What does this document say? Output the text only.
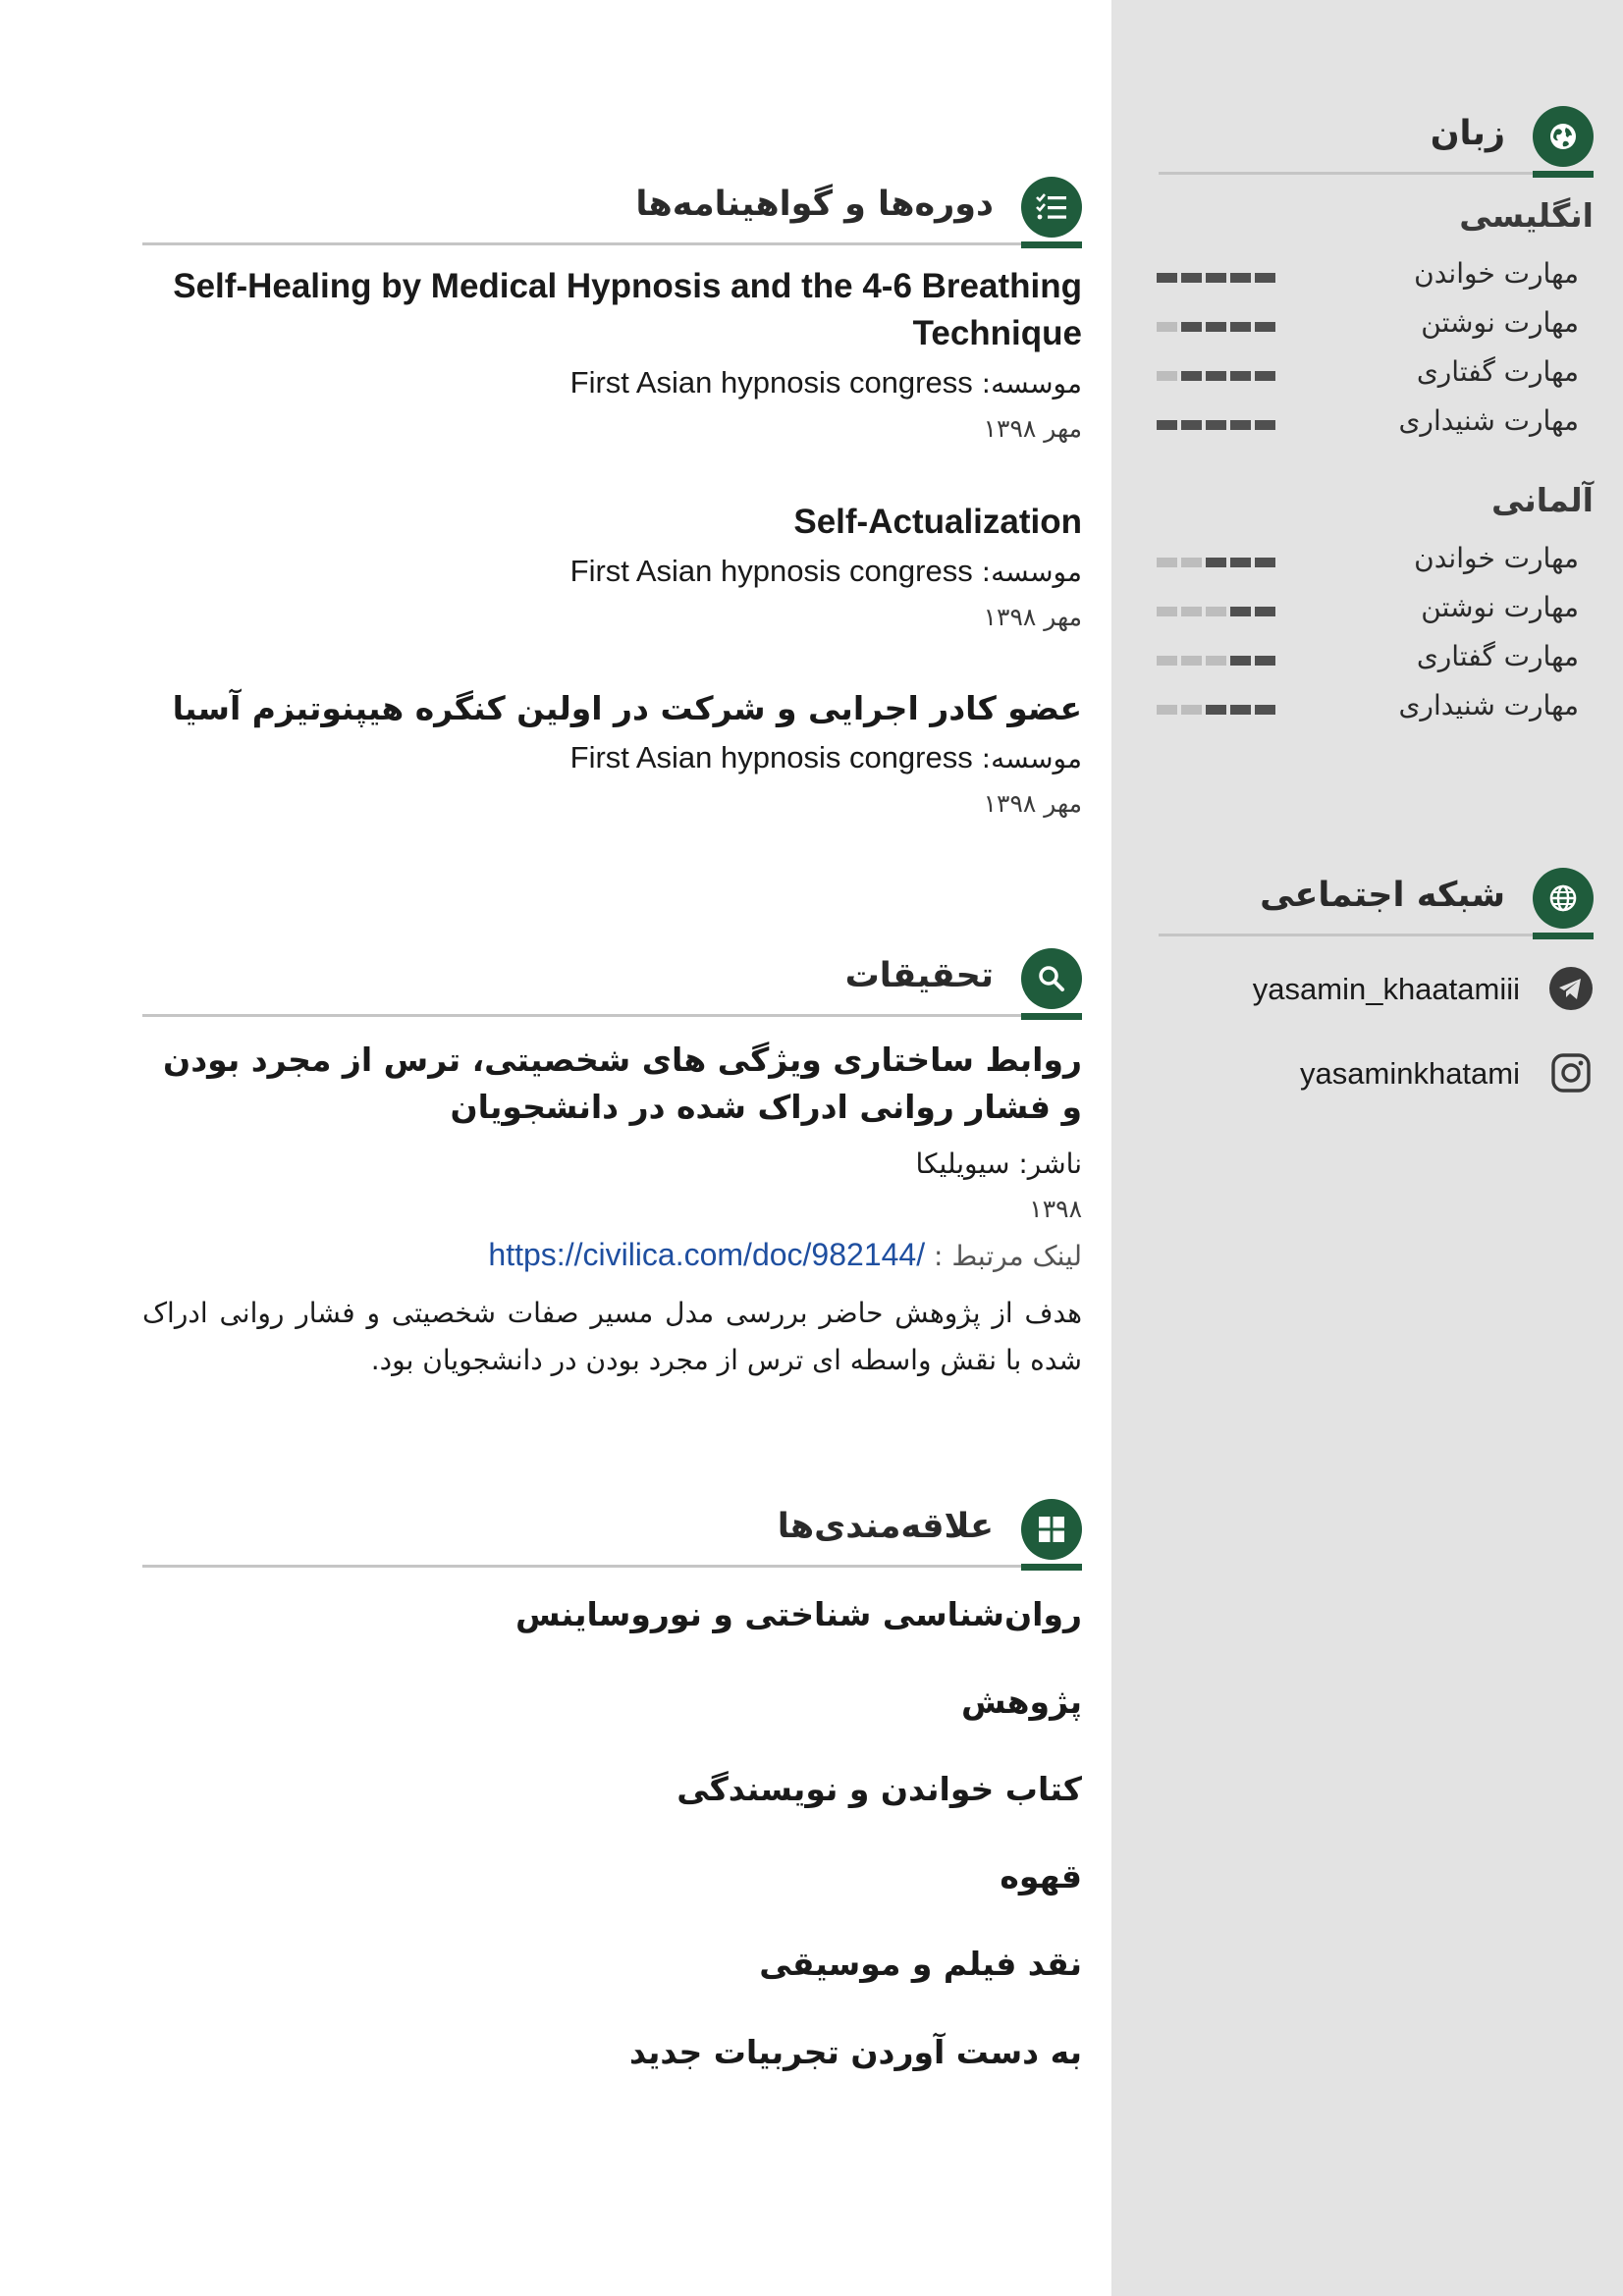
دوره‌ها و گواهینامه‌ها
Self-Healing by Medical Hypnosis and the 4-6 Breathing Technique
موسسه: First Asian hypnosis congress
مهر ۱۳۹۸
Self-Actualization
موسسه: First Asian hypnosis congress
مهر ۱۳۹۸
عضو کادر اجرایی و شرکت در اولین کنگره هیپنوتیزم آسیا
موسسه: First Asian hypnosis congress
مهر ۱۳۹۸
تحقیقات
روابط ساختاری ویژگی های شخصیتی، ترس از مجرد بودن و فشار روانی ادراک شده در دانشجویان
ناشر: سیویلیکا
۱۳۹۸
لینک مرتبط : https://civilica.com/doc/982144/
هدف از پژوهش حاضر بررسی مدل مسیر صفات شخصیتی و فشار روانی ادراک شده با نقش واسطه ای ترس از مجرد بودن در دانشجویان بود.
علاقه‌مندی‌ها
روان‌شناسی شناختی و نوروساینس
پژوهش
کتاب خواندن و نویسندگی
قهوه
نقد فیلم و موسیقی
به دست آوردن تجربیات جدید
زبان
انگلیسی
مهارت خواندن
مهارت نوشتن
مهارت گفتاری
مهارت شنیداری
آلمانی
مهارت خواندن
مهارت نوشتن
مهارت گفتاری
مهارت شنیداری
شبکه اجتماعی
yasamin_khaatamiii
yasaminkhatami
